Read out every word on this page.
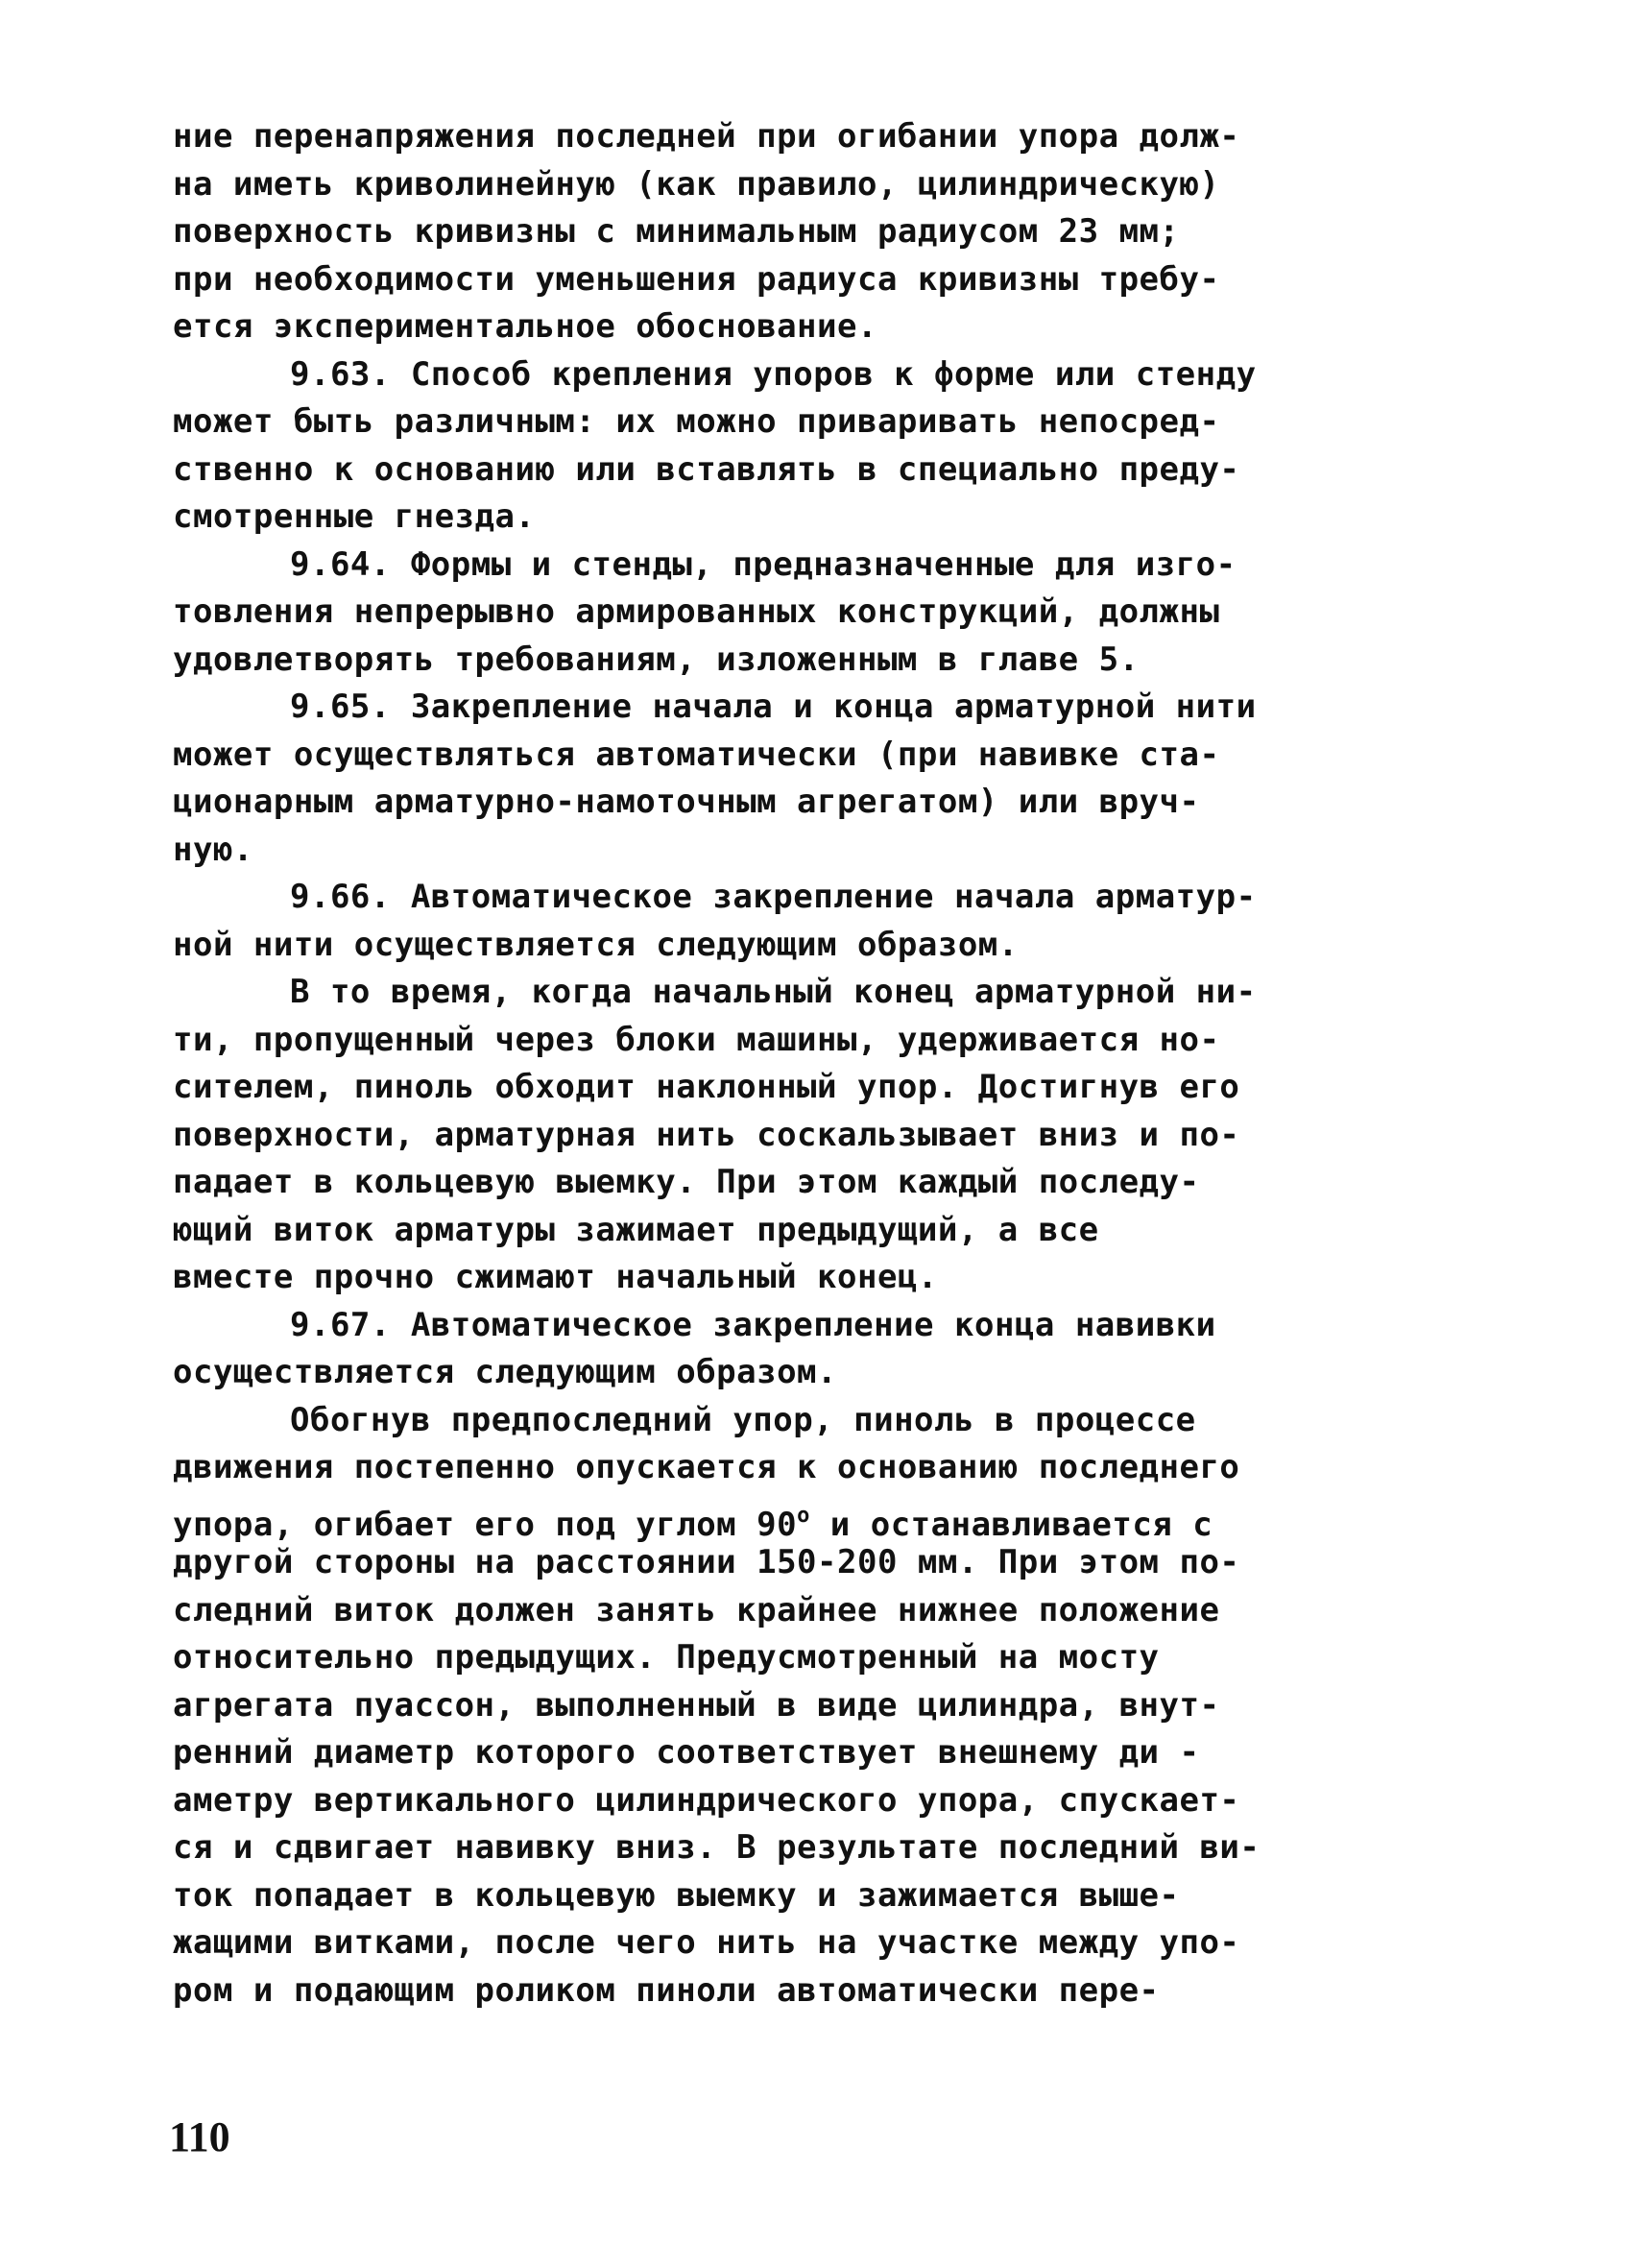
ние перенапряжения последней при огибании упора долж-
на иметь криволинейную (как правило, цилиндрическую)
поверхность кривизны с минимальным радиусом 23 мм;
при необходимости уменьшения радиуса кривизны требу-
ется экспериментальное обоснование.
9.63. Способ крепления упоров к форме или стенду
может быть различным: их можно приваривать непосред-
ственно к основанию или вставлять в специально преду-
смотренные гнезда.
9.64. Формы и стенды, предназначенные для изго-
товления непрерывно армированных конструкций, должны
удовлетворять требованиям, изложенным в главе 5.
9.65. Закрепление начала и конца арматурной нити
может осуществляться автоматически (при навивке ста-
ционарным арматурно-намоточным агрегатом) или вруч-
ную.
9.66. Автоматическое закрепление начала арматур-
ной нити осуществляется следующим образом.
В то время, когда начальный конец арматурной ни-
ти, пропущенный через блоки машины, удерживается но-
сителем, пиноль обходит наклонный упор. Достигнув его
поверхности, арматурная нить соскальзывает вниз и по-
падает в кольцевую выемку. При этом каждый последу-
ющий виток арматуры зажимает предыдущий, а все
вместе прочно сжимают начальный конец.
9.67. Автоматическое закрепление конца навивки
осуществляется следующим образом.
Обогнув предпоследний упор, пиноль в процессе
движения постепенно опускается к основанию последнего
упора, огибает его под углом $90^о$ и останавливается с
другой стороны на расстоянии 150-200 мм. При этом по-
следний виток должен занять крайнее нижнее положение
относительно предыдущих. Предусмотренный на мосту
агрегата пуассон, выполненный в виде цилиндра, внут-
ренний диаметр которого соответствует внешнему ди -
аметру вертикального цилиндрического упора, спускает-
ся и сдвигает навивку вниз. В результате последний ви-
ток попадает в кольцевую выемку и зажимается выше-
жащими витками, после чего нить на участке между упо-
ром и подающим роликом пиноли автоматически пере-
110
